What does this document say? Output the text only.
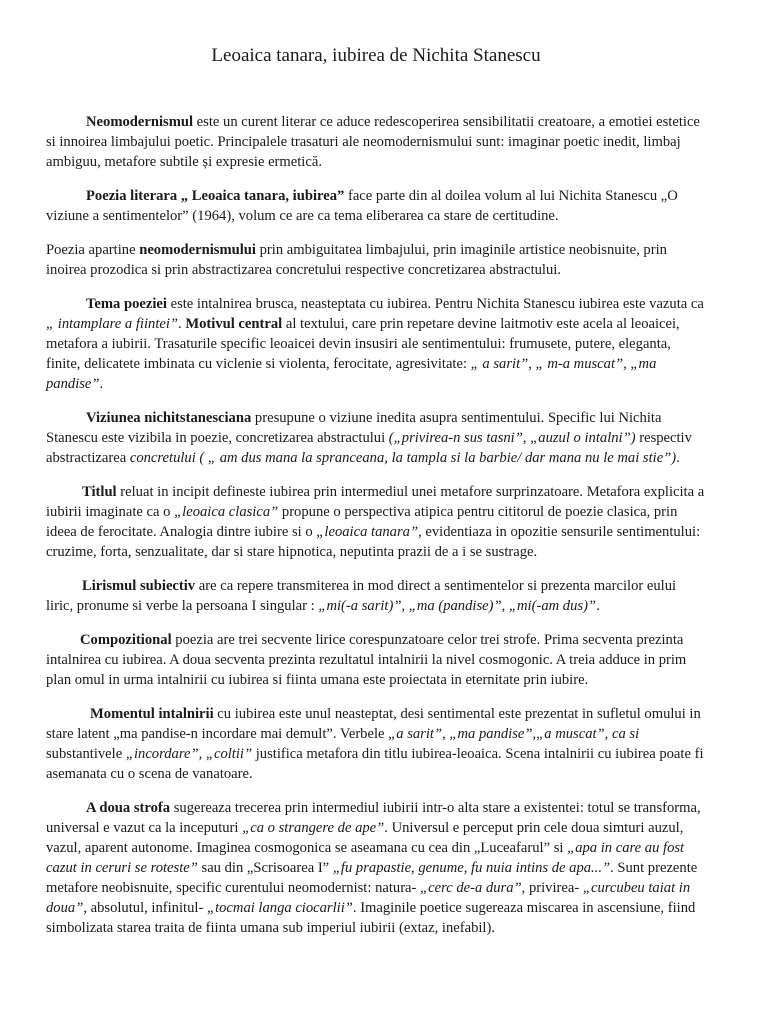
Leoaica tanara, iubirea de Nichita Stanescu

Neomodernismul este un curent literar ce aduce redescoperirea sensibilitatii creatoare, a emotiei estetice si innoirea limbajului poetic. Principalele trasaturi ale neomodernismului sunt: imaginar poetic inedit, limbaj ambiguu, metafore subtile și expresie ermetică.

Poezia literara „ Leoaica tanara, iubirea” face parte din al doilea volum al lui Nichita Stanescu „O viziune a sentimentelor” (1964), volum ce are ca tema eliberarea ca stare de certitudine.

Poezia apartine neomodernismului prin ambiguitatea limbajului, prin imaginile artistice neobisnuite, prin inoirea prozodica si prin abstractizarea concretului respective concretizarea abstractului.

Tema poeziei este intalnirea brusca, neasteptata cu iubirea. Pentru Nichita Stanescu iubirea este vazuta ca „ intamplare a fiintei”. Motivul central al textului, care prin repetare devine laitmotiv este acela al leoaicei, metafora a iubirii. Trasaturile specific leoaicei devin insusiri ale sentimentului: frumusete, putere, eleganta, finite, delicatete imbinata cu viclenie si violenta, ferocitate, agresivitate: „ a sarit”, „ m-a muscat”, „ma pandise”.

Viziunea nichitstanesciana presupune o viziune inedita asupra sentimentului. Specific lui Nichita Stanescu este vizibila in poezie, concretizarea abstractului („privirea-n sus tasni”, „auzul o intalni”) respectiv abstractizarea concretului ( „ am dus mana la spranceana, la tampla si la barbie/ dar mana nu le mai stie”).

Titlul reluat in incipit defineste iubirea prin intermediul unei metafore surprinzatoare. Metafora explicita a iubirii imaginate ca o „leoaica clasica” propune o perspectiva atipica pentru cititorul de poezie clasica, prin ideea de ferocitate. Analogia dintre iubire si o „leoaica tanara”, evidentiaza in opozitie sensurile sentimentului: cruzime, forta, senzualitate, dar si stare hipnotica, neputinta prazii de a i se sustrage.

Lirismul subiectiv are ca repere transmiterea in mod direct a sentimentelor si prezenta marcilor eului liric, pronume si verbe la persoana I singular : „mi(-a sarit)”, „ma (pandise)”, „mi(-am dus)”.

Compozitional poezia are trei secvente lirice corespunzatoare celor trei strofe. Prima secventa prezinta intalnirea cu iubirea. A doua secventa prezinta rezultatul intalnirii la nivel cosmogonic. A treia adduce in prim plan omul in urma intalnirii cu iubirea si fiinta umana este proiectata in eternitate prin iubire.

Momentul intalnirii cu iubirea este unul neasteptat, desi sentimental este prezentat in sufletul omului in stare latent „ma pandise-n incordare mai demult”. Verbele „a sarit”, „ma pandise”,„a muscat”, ca si substantivele „incordare”, „coltii” justifica metafora din titlu iubirea-leoaica. Scena intalnirii cu iubirea poate fi asemanata cu o scena de vanatoare.

A doua strofa sugereaza trecerea prin intermediul iubirii intr-o alta stare a existentei: totul se transforma, universal e vazut ca la inceputuri „ca o strangere de ape”. Universul e perceput prin cele doua simturi auzul, vazul, aparent autonome. Imaginea cosmogonica se aseamana cu cea din „Luceafarul” si „apa in care au fost cazut in ceruri se roteste” sau din „Scrisoarea I” „fu prapastie, genume, fu nuia intins de apa...”. Sunt prezente metafore neobisnuite, specific curentului neomodernist: natura- „cerc de-a dura”, privirea- „curcubeu taiat in doua”, absolutul, infinitul- „tocmai langa ciocarlii”. Imaginile poetice sugereaza miscarea in ascensiune, fiind simbolizata starea traita de fiinta umana sub imperiul iubirii (extaz, inefabil).
